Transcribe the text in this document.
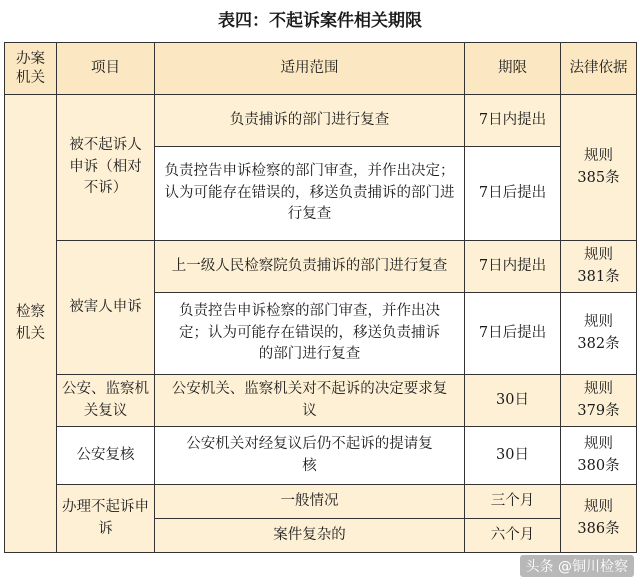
表四：不起诉案件相关期限
办案机关	项目	适用范围	期限	法律依据
检察机关	被不起诉人申诉（相对不诉）	负责捕诉的部门进行复查	7日内提出	规则385条
		负责控告申诉检察的部门审查，并作出决定；认为可能存在错误的，移送负责捕诉的部门进行复查	7日后提出	
	被害人申诉	上一级人民检察院负责捕诉的部门进行复查	7日内提出	规则381条
		负责控告申诉检察的部门审查，并作出决定；认为可能存在错误的，移送负责捕诉的部门进行复查	7日后提出	规则382条
	公安、监察机关复议	公安机关、监察机关对不起诉的决定要求复议	30日	规则379条
	公安复核	公安机关对经复议后仍不起诉的提请复核	30日	规则380条
	办理不起诉申诉	一般情况	三个月	规则386条
		案件复杂的	六个月	
头条 @铜川检察
